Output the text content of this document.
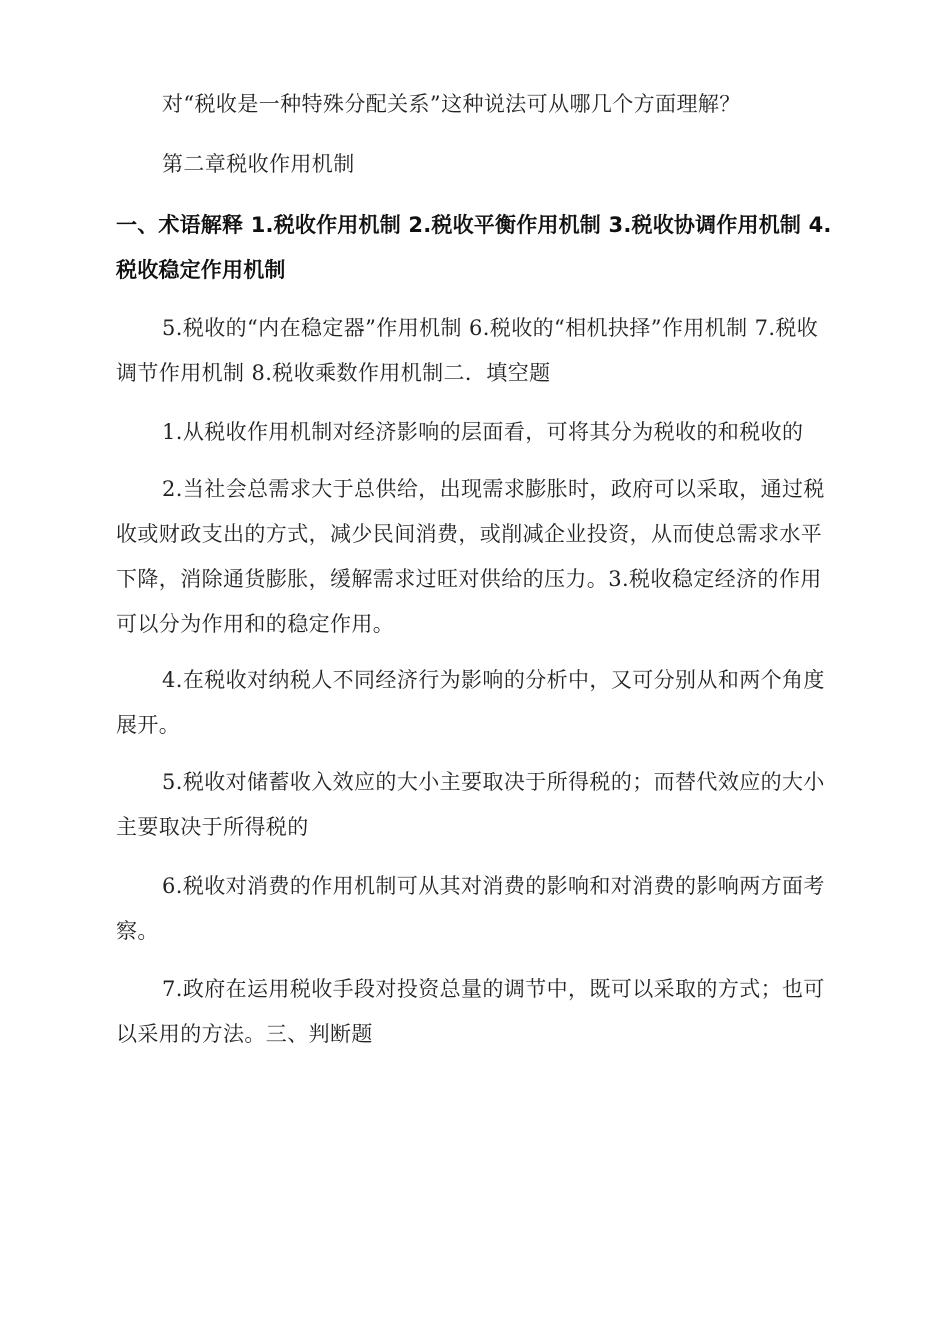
对“税收是一种特殊分配关系”这种说法可从哪几个方面理解？

第二章税收作用机制

一、术语解释 1.税收作用机制 2.税收平衡作用机制 3.税收协调作用机制 4.税收稳定作用机制

5.税收的“内在稳定器”作用机制 6.税收的“相机抉择”作用机制 7.税收调节作用机制 8.税收乘数作用机制二．填空题

1.从税收作用机制对经济影响的层面看，可将其分为税收的和税收的

2.当社会总需求大于总供给，出现需求膨胀时，政府可以采取，通过税收或财政支出的方式，减少民间消费，或削减企业投资，从而使总需求水平下降，消除通货膨胀，缓解需求过旺对供给的压力。3.税收稳定经济的作用可以分为作用和的稳定作用。

4.在税收对纳税人不同经济行为影响的分析中，又可分别从和两个角度展开。

5.税收对储蓄收入效应的大小主要取决于所得税的；而替代效应的大小主要取决于所得税的

6.税收对消费的作用机制可从其对消费的影响和对消费的影响两方面考察。

7.政府在运用税收手段对投资总量的调节中，既可以采取的方式；也可以采用的方法。三、判断题
